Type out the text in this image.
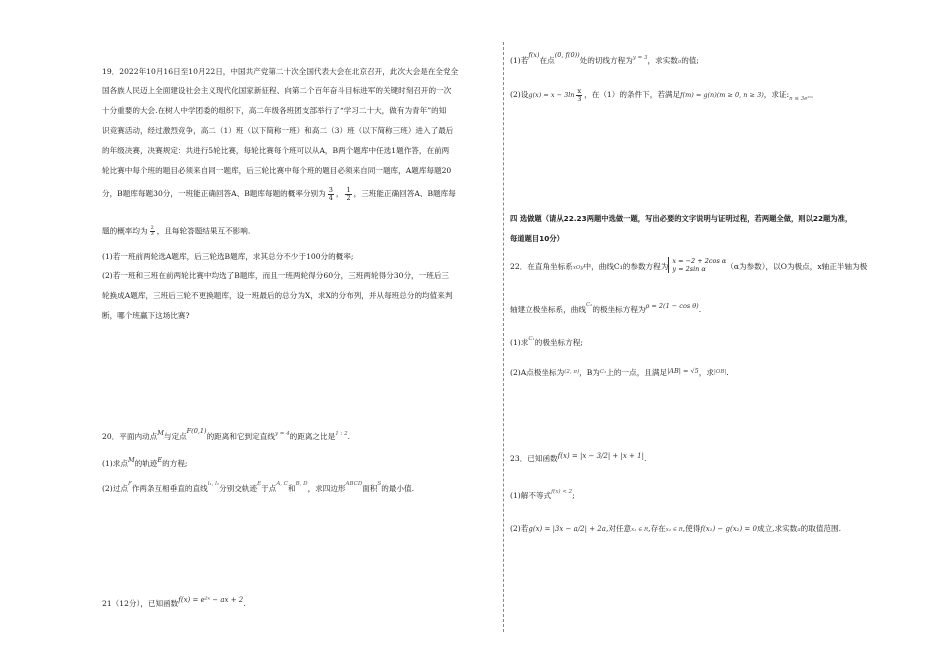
19．2022年10月16日至10月22日，中国共产党第二十次全国代表大会在北京召开，此次大会是在全党全
国各族人民迈上全面建设社会主义现代化国家新征程、向第二个百年奋斗目标进军的关键时刻召开的一次
十分重要的大会.在树人中学团委的组织下，高二年级各班团支部举行了“学习二十大，做有为青年”的知
识竞赛活动，经过激烈竞争，高二（1）班（以下简称一班）和高二（3）班（以下简称三班）进入了最后
的年级决赛，决赛规定：共进行5轮比赛，每轮比赛每个班可以从A，B两个题库中任选1题作答，在前两
轮比赛中每个班的题目必须来自同一题库，后三轮比赛中每个班的题目必须来自同一题库，A题库每题20
分，B题库每题30分，一班能正确回答A、B题库每题的概率分别为 $\frac{3}{4}$ ， $\frac{1}{2}$ ，三班能正确回答A、B题库每
题的概率均为 $\frac{2}{3}$ ，且每轮答题结果互不影响.
(1)若一班前两轮选A题库，后三轮选B题库，求其总分不少于100分的概率;
(2)若一班和三班在前两轮比赛中均选了B题库，而且一班两轮得分60分，三班两轮得分30分，一班后三
轮换成A题库，三班后三轮不更换题库，设一班最后的总分为X，求X的分布列，并从每班总分的均值来判
断，哪个班赢下这场比赛?
20．平面内动点M与定点F(0,1)的距离和它到定直线$^{y = 4}$的距离之比是$^{1 : 2}$.
(1)求点M的轨迹E的方程;
(2)过点$^F$作两条互相垂直的直线$^{l_1, l_2}$分别交轨迹$^E$于点$^{A, C}$和$^{B, D}$，求四边形$^{ABCD}$面积$^S$的最小值.
21（12分），已知函数f(x) = e²ˣ − ax + 2.
(1)若f(x)在点(0, f(0))处的切线方程为$^{y = 3}$，求实数a的值;
(2)设$g(x) = x - 3\ln \frac{x}{3}$ ，在（1）的条件下，若满足f(m) = g(n)(m ≥ 0, n ≥ 3)，求证$:_{n \le 3e^2ᵐ}$
四 选做题（请从22.23两题中选做一题，写出必要的文字说明与证明过程，若两题全做，则以22题为准，
每道题目10分）
22．在直角坐标系xOy中，曲线C₁的参数方程为
x = −2 + 2cos α
y = 2sin α	（α为参数），以O为极点，x轴正半轴为极
轴建立极坐标系，曲线$^{C_2}$的极坐标方程为ρ = 2(1 − cos θ).
(1)求$^{C_1}$的极坐标方程;
(2)A点极坐标为$^{(2, \pi)}$，B为$^{C_2}$上的一点，且满足|AB| = √5，求$^{|OB|}$.
23．已知函数f(x) = |x − 3/2| + |x + 1|.
(1)解不等式$^{f(x) < 2}$;
(2)若g(x) = |3x − a/2| + 2a,对任意x₁ ∈ R,存在x₂ ∈ R,使得f(x₁) − g(x₂) = 0成立,求实数a的取值范围.
